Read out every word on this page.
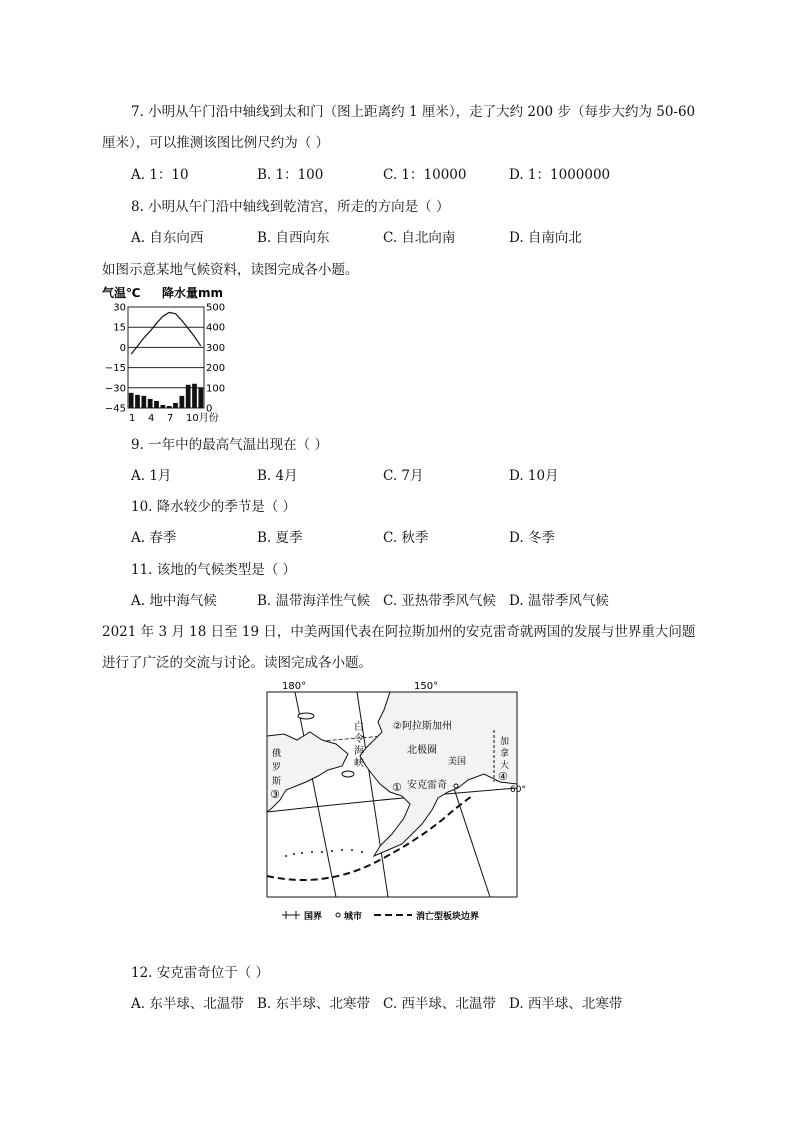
7. 小明从午门沿中轴线到太和门（图上距离约 1 厘米），走了大约 200 步（每步大约为 50-60
厘米），可以推测该图比例尺约为（ ）
A. 1：10	B. 1：100	C. 1：10000	D. 1：1000000
8. 小明从午门沿中轴线到乾清宫，所走的方向是（ ）
A. 自东向西	B. 自西向东	C. 自北向南	D. 自南向北
如图示意某地气候资料，读图完成各小题。
气温℃ 降水量mm
30
15
0
−15
−30
−45
500
400
300
200
100
0
1 4 7 10月份
9. 一年中的最高气温出现在（ ）
A. 1月	B. 4月	C. 7月	D. 10月
10. 降水较少的季节是（ ）
A. 春季	B. 夏季	C. 秋季	D. 冬季
11. 该地的气候类型是（ ）
A. 地中海气候	B. 温带海洋性气候 C. 亚热带季风气候 D. 温带季风气候
2021 年 3 月 18 日至 19 日，中美两国代表在阿拉斯加州的安克雷奇就两国的发展与世界重大问题
进行了广泛的交流与讨论。读图完成各小题。
180°	150°
白
令
海
峡
②阿拉斯加州
北极圈
美国
俄
罗
斯
加
拿
大
安克雷奇
①
③
④
60°
国界 城市	消亡型板块边界
12. 安克雷奇位于（ ）
A. 东半球、北温带 B. 东半球、北寒带 C. 西半球、北温带 D. 西半球、北寒带
